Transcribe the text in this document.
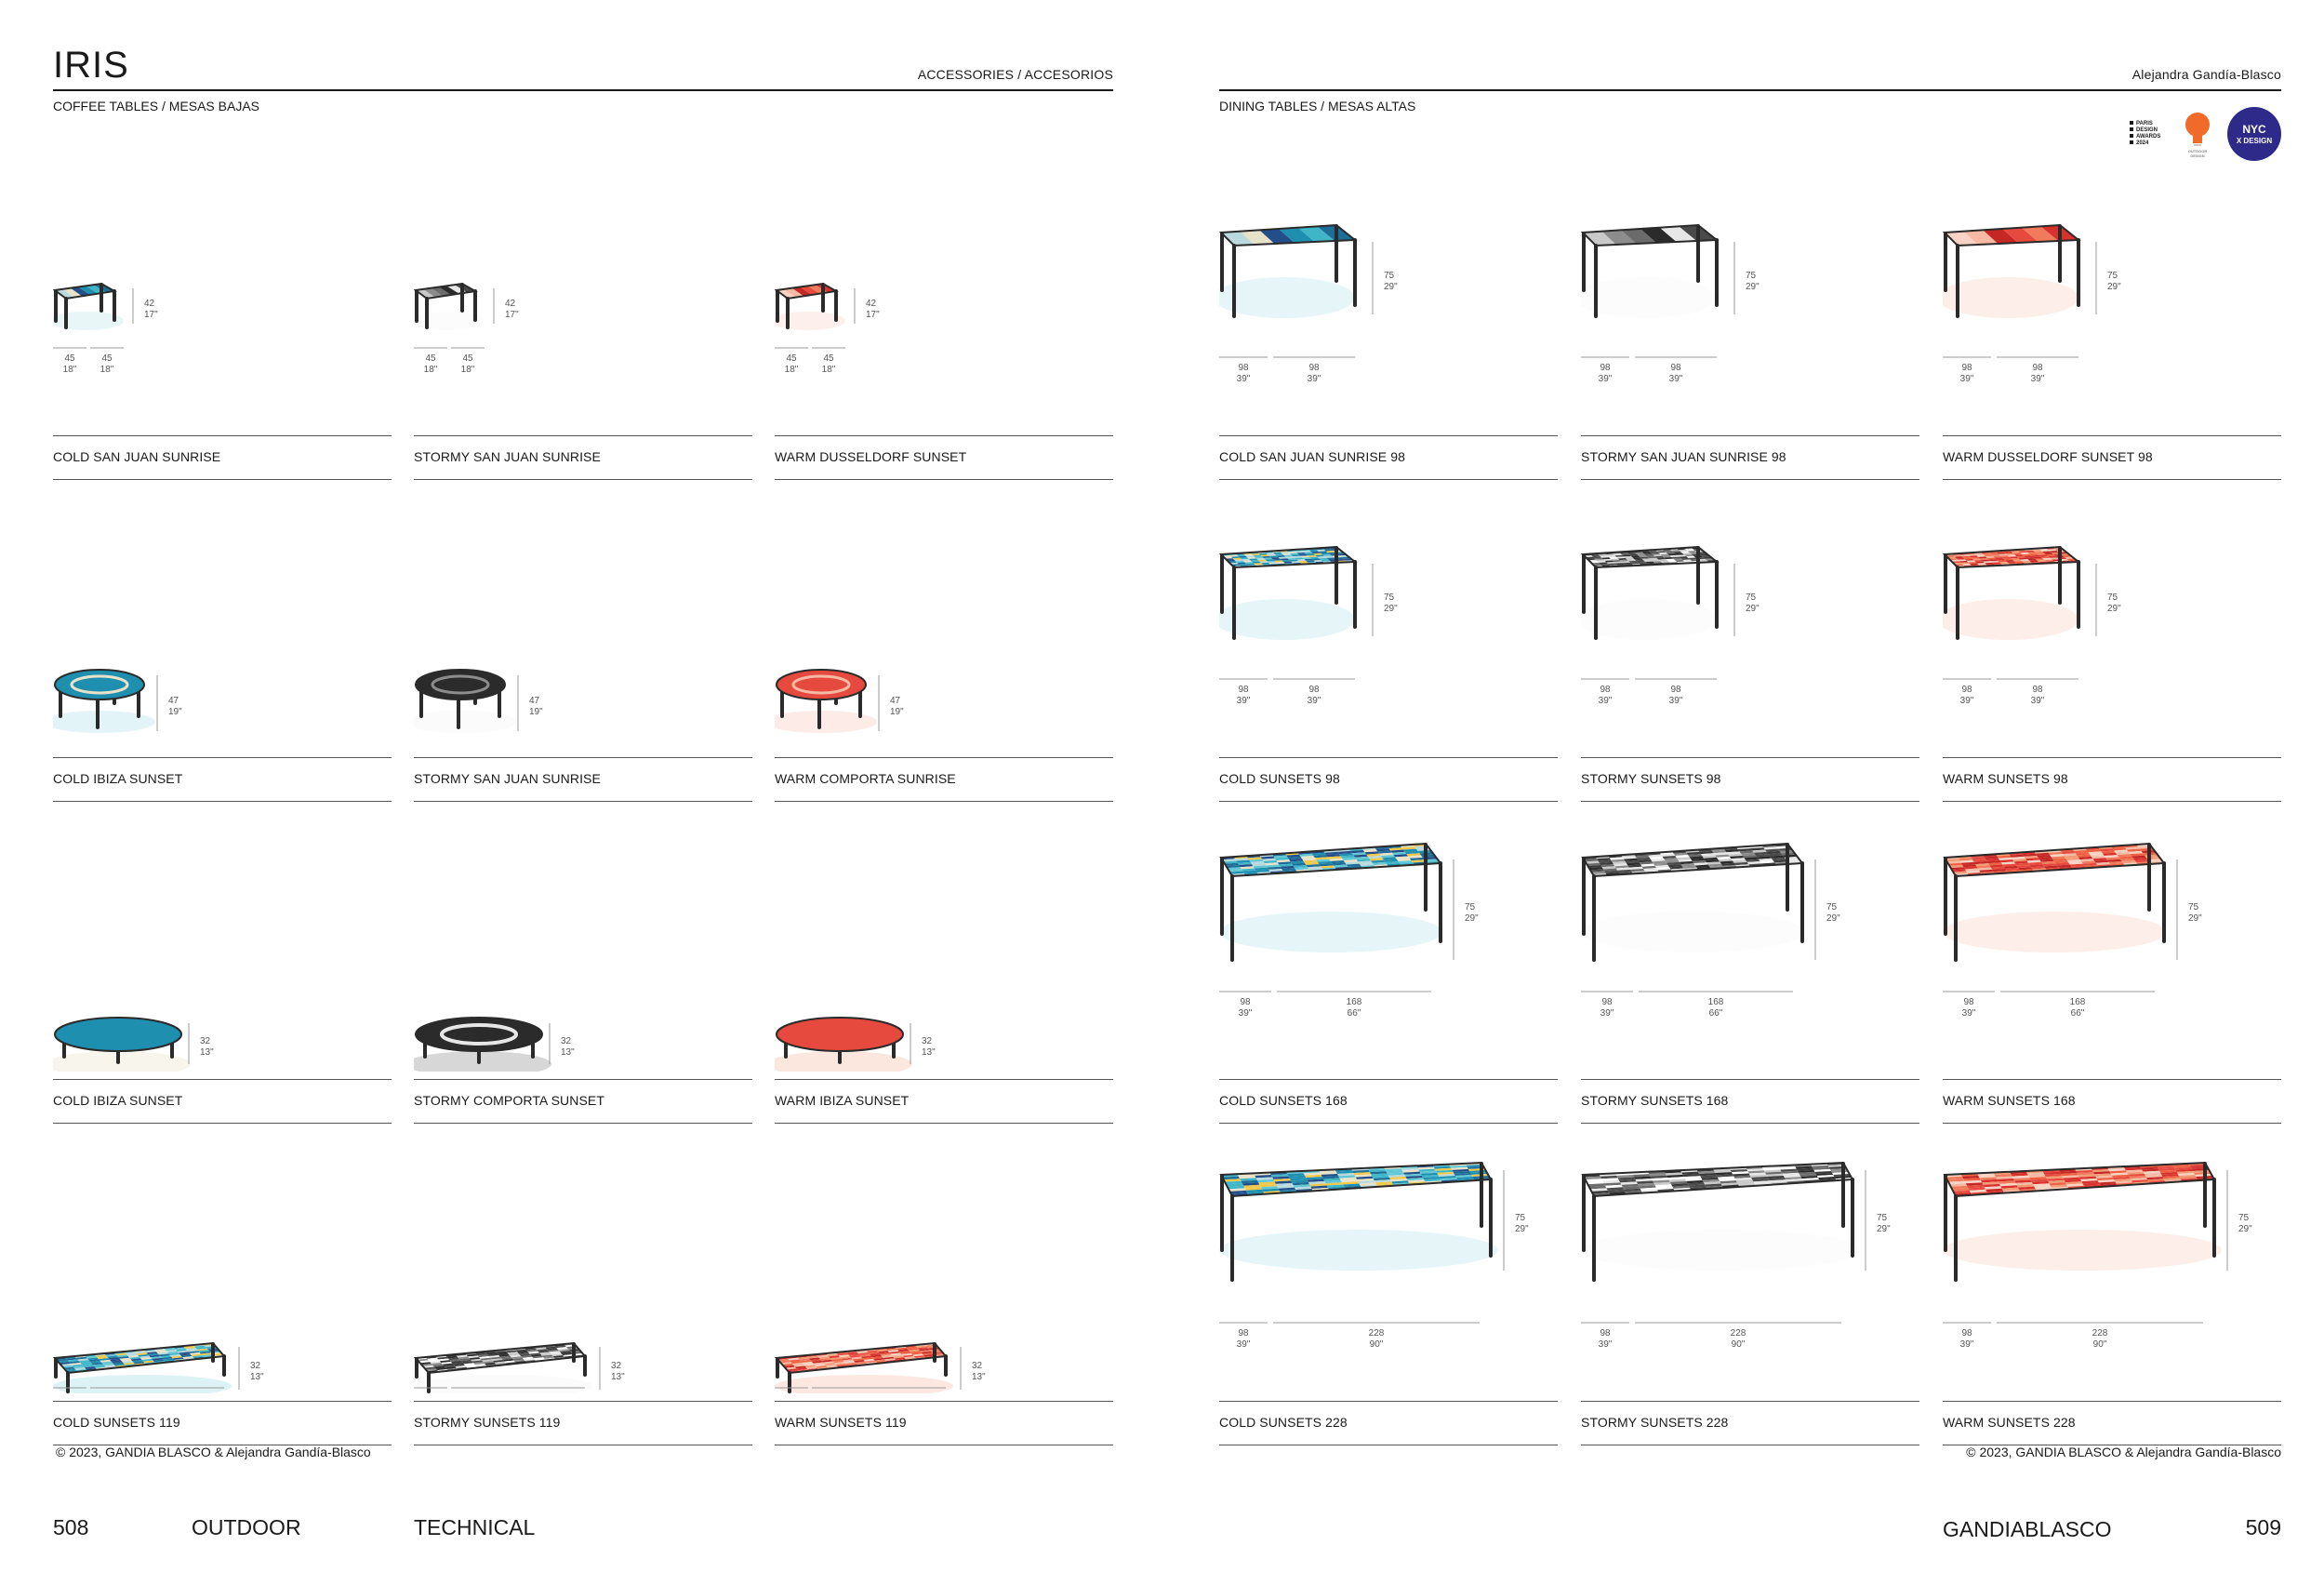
IRIS	ACCESSORIES / ACCESORIOS	Alejandra Gandía-Blasco
COFFEE TABLES / MESAS BAJAS	DINING TABLES / MESAS ALTAS
PARIS
DESIGN
AWARDS
2024
OUTDOOR
DESIGN
NYC
X DESIGN
42
17"
45
18"
45
18"
COLD SAN JUAN SUNRISE
42
17"
45
18"
45
18"
STORMY SAN JUAN SUNRISE
42
17"
45
18"
45
18"
WARM DUSSELDORF SUNSET
47
19"
COLD IBIZA SUNSET
47
19"
STORMY SAN JUAN SUNRISE
47
19"
WARM COMPORTA SUNRISE
32
13"
COLD IBIZA SUNSET
32
13"
STORMY COMPORTA SUNSET
32
13"
WARM IBIZA SUNSET
32
13"
COLD SUNSETS 119
32
13"
STORMY SUNSETS 119
32
13"
WARM SUNSETS 119
75
29"
98
39"
98
39"
COLD SAN JUAN SUNRISE 98
75
29"
98
39"
98
39"
STORMY SAN JUAN SUNRISE 98
75
29"
98
39"
98
39"
WARM DUSSELDORF SUNSET 98
75
29"
98
39"
98
39"
COLD SUNSETS 98
75
29"
98
39"
98
39"
STORMY SUNSETS 98
75
29"
98
39"
98
39"
WARM SUNSETS 98
75
29"
98
39"
168
66"
COLD SUNSETS 168
75
29"
98
39"
168
66"
STORMY SUNSETS 168
75
29"
98
39"
168
66"
WARM SUNSETS 168
75
29"
98
39"
228
90"
COLD SUNSETS 228
75
29"
98
39"
228
90"
STORMY SUNSETS 228
75
29"
98
39"
228
90"
WARM SUNSETS 228
© 2023, GANDIA BLASCO & Alejandra Gandía-Blasco	© 2023, GANDIA BLASCO & Alejandra Gandía-Blasco
508	OUTDOOR	TECHNICAL	GANDIABLASCO	509
